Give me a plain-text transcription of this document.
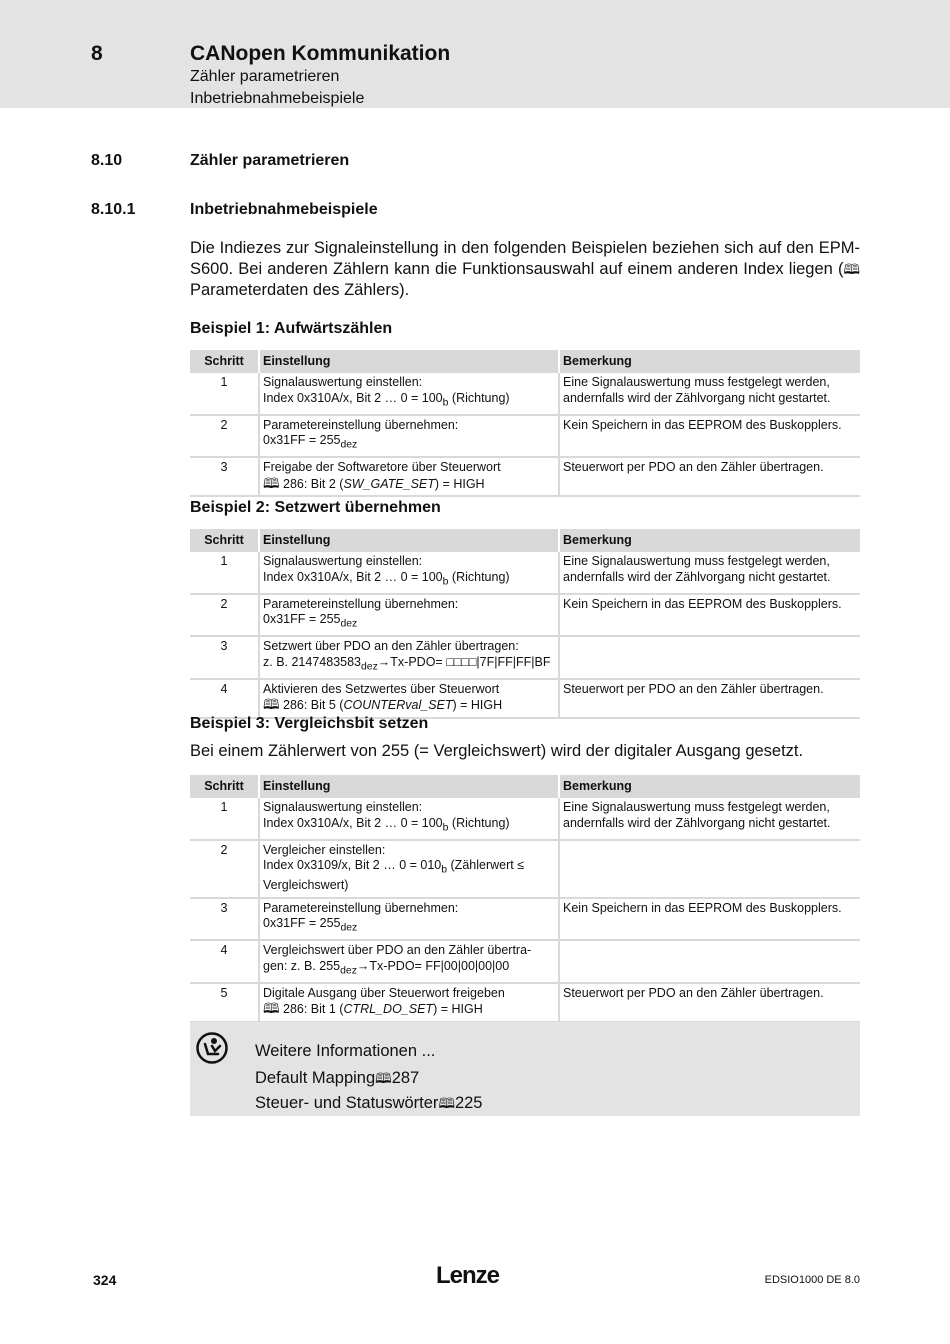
8	CANopen Kommunikation
Zähler parametrieren
Inbetriebnahmebeispiele
8.10	Zähler parametrieren
8.10.1	Inbetriebnahmebeispiele
Die Indiezes zur Signaleinstellung in den folgenden Beispielen beziehen sich auf den EPM-S600. Bei anderen Zählern kann die Funktionsauswahl auf einem anderen Index liegen (🕮 Parameterdaten des Zählers).
Beispiel 1: Aufwärtszählen
Schritt	Einstellung	Bemerkung
1	Signalauswertung einstellen:
Index 0x310A/x, Bit 2 … $0 = 100_b$ (Richtung)	Eine Signalauswertung muss festgelegt werden,
andernfalls wird der Zählvorgang nicht gestartet.

2	Parametereinstellung übernehmen:
$0x31FF = 255_{dez}$	Kein Speichern in das EEPROM des Buskopplers.

3	Freigabe der Softwaretore über Steuerwort
🕮 286: Bit 2 (SW_GATE_SET) = HIGH	Steuerwort per PDO an den Zähler übertragen.
Beispiel 2: Setzwert übernehmen
Schritt	Einstellung	Bemerkung
1	Signalauswertung einstellen:
Index 0x310A/x, Bit 2 … $0 = 100_b$ (Richtung)	Eine Signalauswertung muss festgelegt werden,
andernfalls wird der Zählvorgang nicht gestartet.

2	Parametereinstellung übernehmen:
$0x31FF = 255_{dez}$	Kein Speichern in das EEPROM des Buskopplers.

3	Setzwert über PDO an den Zähler übertragen:
z. B. $2147483583_{dez}\to Tx-PDO=$ □□□□|7F|FF|FF|BF	

4	Aktivieren des Setzwertes über Steuerwort
🕮 286: Bit 5 (COUNTERval_SET) = HIGH	Steuerwort per PDO an den Zähler übertragen.
Beispiel 3: Vergleichsbit setzen
Bei einem Zählerwert von 255 (= Vergleichswert) wird der digitaler Ausgang gesetzt.
Schritt	Einstellung	Bemerkung
1	Signalauswertung einstellen:
Index 0x310A/x, Bit 2 … $0 = 100_b$ (Richtung)	Eine Signalauswertung muss festgelegt werden,
andernfalls wird der Zählvorgang nicht gestartet.

2	Vergleicher einstellen:
Index 0x3109/x, Bit 2 … $0 = 010_b$ (Zählerwert ≤
Vergleichswert)	

3	Parametereinstellung übernehmen:
$0x31FF = 255_{dez}$	Kein Speichern in das EEPROM des Buskopplers.

4	Vergleichswert über PDO an den Zähler übertra-
gen: z. B. $255_{dez}\to Tx-PDO= FF|00|00|00|00$	

5	Digitale Ausgang über Steuerwort freigeben
🕮 286: Bit 1 (CTRL_DO_SET) = HIGH	Steuerwort per PDO an den Zähler übertragen.
Weitere Informationen ...
Default Mapping🕮287
Steuer- und Statuswörter🕮225
324	Lenze	EDSIO1000 DE 8.0
